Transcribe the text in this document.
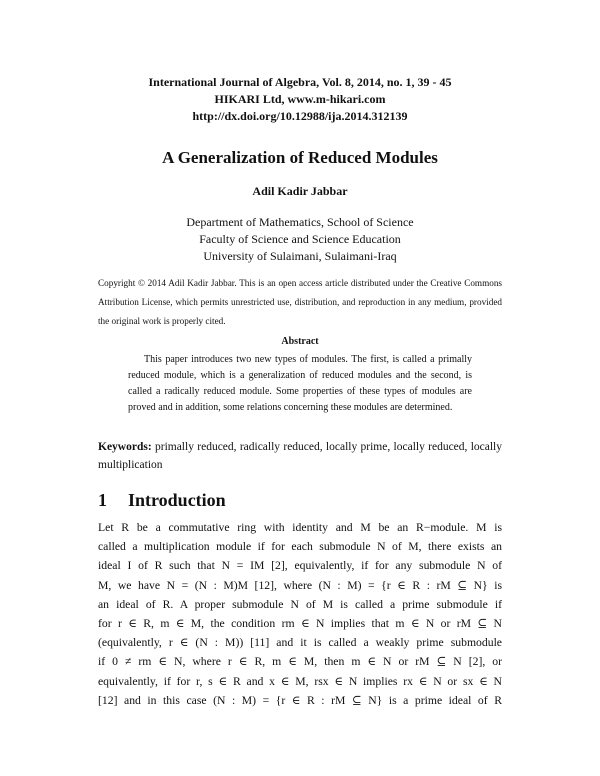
International Journal of Algebra, Vol. 8, 2014, no. 1, 39 - 45
HIKARI Ltd, www.m-hikari.com
http://dx.doi.org/10.12988/ija.2014.312139
A Generalization of Reduced Modules
Adil Kadir Jabbar
Department of Mathematics, School of Science
Faculty of Science and Science Education
University of Sulaimani, Sulaimani-Iraq
Copyright © 2014 Adil Kadir Jabbar. This is an open access article distributed under the Creative Commons Attribution License, which permits unrestricted use, distribution, and reproduction in any medium, provided the original work is properly cited.
Abstract
This paper introduces two new types of modules. The first, is called a primally reduced module, which is a generalization of reduced modules and the second, is called a radically reduced module. Some properties of these types of modules are proved and in addition, some relations concerning these modules are determined.
Keywords: primally reduced, radically reduced, locally prime, locally reduced, locally multiplication
1 Introduction
Let R be a commutative ring with identity and M be an R−module. M is
called a multiplication module if for each submodule N of M, there exists an
ideal I of R such that N = IM [2], equivalently, if for any submodule N of
M, we have N = (N : M)M [12], where (N : M) = {r ∈ R : rM ⊆ N} is
an ideal of R. A proper submodule N of M is called a prime submodule if
for r ∈ R, m ∈ M, the condition rm ∈ N implies that m ∈ N or rM ⊆ N
(equivalently, r ∈ (N : M)) [11] and it is called a weakly prime submodule
if 0 ≠ rm ∈ N, where r ∈ R, m ∈ M, then m ∈ N or rM ⊆ N [2], or
equivalently, if for r, s ∈ R and x ∈ M, rsx ∈ N implies rx ∈ N or sx ∈ N
[12] and in this case (N : M) = {r ∈ R : rM ⊆ N} is a prime ideal of R
